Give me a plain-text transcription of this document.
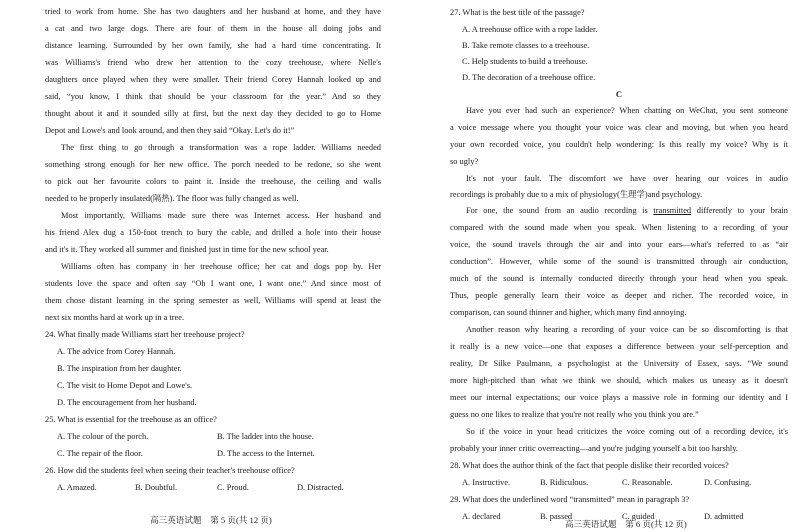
tried to work from home. She has two daughters and her husband at home, and they have
a cat and two large dogs. There are four of them in the house all doing jobs and
distance learning. Surrounded by her own family, she had a hard time concentrating. It
was Williams's friend who drew her attention to the cozy treehouse, where Nelle's
daughters once played when they were smaller. Their friend Corey Hannah looked up and
said, “you know, I think that should be your classroom for the year.” And so they
thought about it and it sounded silly at first, but the next day they decided to go to Home
Depot and Lowe's and look around, and then they said “Okay. Let's do it!”
The first thing to go through a transformation was a rope ladder. Williams needed
something strong enough for her new office. The porch needed to be redone, so she went
to pick out her favourite colors to paint it. Inside the treehouse, the ceiling and walls
needed to be properly insulated(隔热). The floor was fully changed as well.
Most importantly, Williams made sure there was Internet access. Her husband and
his friend Alex dug a 150-foot trench to bury the cable, and drilled a hole into their house
and it's it. They worked all summer and finished just in time for the new school year.
Williams often has company in her treehouse office; her cat and dogs pop by. Her
students love the space and often say “Oh I want one, I want one.” And since most of
them chose distant learning in the spring semester as well, Williams will spend at least the
next six months hard at work up in a tree.
24. What finally made Williams start her treehouse project?
A. The advice from Corey Hannah.
B. The inspiration from her daughter.
C. The visit to Home Depot and Lowe's.
D. The encouragement from her husband.
25. What is essential for the treehouse as an office?
A. The colour of the porch.	B. The ladder into the house.
C. The repair of the floor.	D. The access to the Internet.
26. How did the students feel when seeing their teacher's treehouse office?
A. Amazed.	B. Doubtful.	C. Proud.	D. Distracted.
高三英语试题　第 5 页(共 12 页)
27. What is the best title of the passage?
A. A treehouse office with a rope ladder.
B. Take remote classes to a treehouse.
C. Help students to build a treehouse.
D. The decoration of a treehouse office.
C
Have you ever had such an experience? When chatting on WeChat, you sent someone
a voice message where you thought your voice was clear and moving, but when you heard
your own recorded voice, you couldn't help wondering: Is this really my voice? Why is it
so ugly?
It's not your fault. The discomfort we have over hearing our voices in audio
recordings is probably due to a mix of physiology(生理学)and psychology.
For one, the sound from an audio recording is transmitted differently to your brain
compared with the sound made when you speak. When listening to a recording of your
voice, the sound travels through the air and into your ears—what's referred to as “air
conduction”. However, while some of the sound is transmitted through air conduction,
much of the sound is internally conducted directly through your head when you speak.
Thus, people generally learn their voice as deeper and richer. The recorded voice, in
comparison, can sound thinner and higher, which many find annoying.
Another reason why hearing a recording of your voice can be so discomforting is that
it really is a new voice—one that exposes a difference between your self-perception and
reality, Dr Silke Paulmann, a psychologist at the University of Essex, says. “We sound
more high-pitched than what we think we should, which makes us uneasy as it doesn't
meet our internal expectations; our voice plays a massive role in forming our identity and I
guess no one likes to realize that you're not really who you think you are.”
So if the voice in your head criticizes the voice coming out of a recording device, it's
probably your inner critic overreacting—and you're judging yourself a bit too harshly.
28. What does the author think of the fact that people dislike their recorded voices?
A. Instructive.	B. Ridiculous.	C. Reasonable.	D. Confusing.
29. What does the underlined word “transmitted” mean in paragraph 3?
A. declared	B. passed	C. guided	D. admitted
高三英语试题　第 6 页(共 12 页)
